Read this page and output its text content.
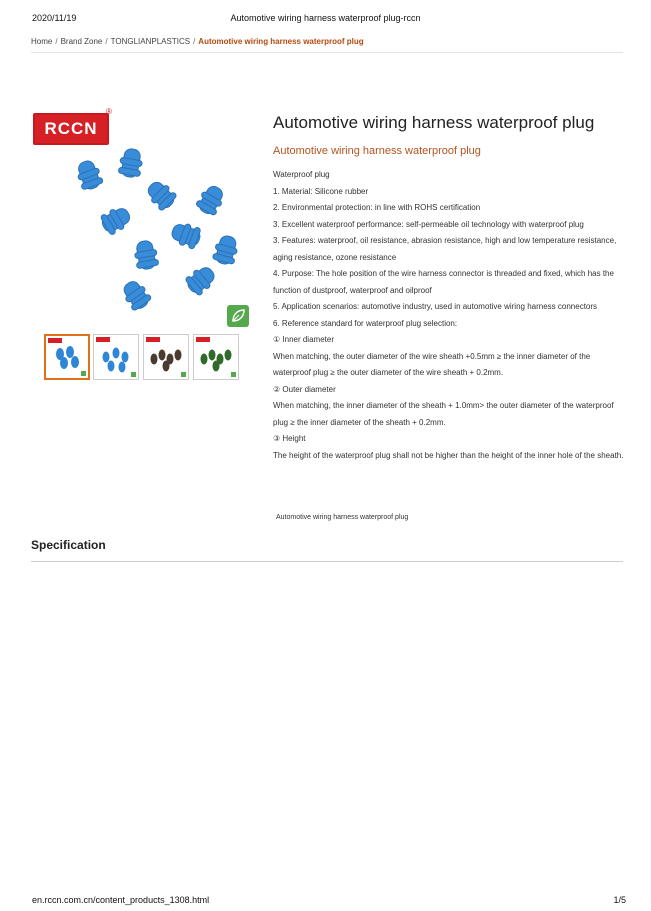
2020/11/19	Automotive wiring harness waterproof plug-rccn
Home / Brand Zone / TONGLIANPLASTICS / Automotive wiring harness waterproof plug
RCCN
®
Automotive wiring harness waterproof plug
Automotive wiring harness waterproof plug

Waterproof plug

1. Material: Silicone rubber

2. Environmental protection: in line with ROHS certification

3. Excellent waterproof performance: self-permeable oil technology with waterproof plug

3. Features: waterproof, oil resistance, abrasion resistance, high and low temperature resistance, aging resistance, ozone resistance

4. Purpose: The hole position of the wire harness connector is threaded and fixed, which has the function of dustproof, waterproof and oilproof

5. Application scenarios: automotive industry, used in automotive wiring harness connectors

6. Reference standard for waterproof plug selection:

① Inner diameter

When matching, the outer diameter of the wire sheath +0.5mm ≥ the inner diameter of the waterproof plug ≥ the outer diameter of the wire sheath + 0.2mm.

② Outer diameter

When matching, the inner diameter of the sheath + 1.0mm> the outer diameter of the waterproof plug ≥ the inner diameter of the sheath + 0.2mm.

③ Height

The height of the waterproof plug shall not be higher than the height of the inner hole of the sheath.

Automotive wiring harness waterproof plug
Specification
en.rccn.com.cn/content_products_1308.html	1/5
